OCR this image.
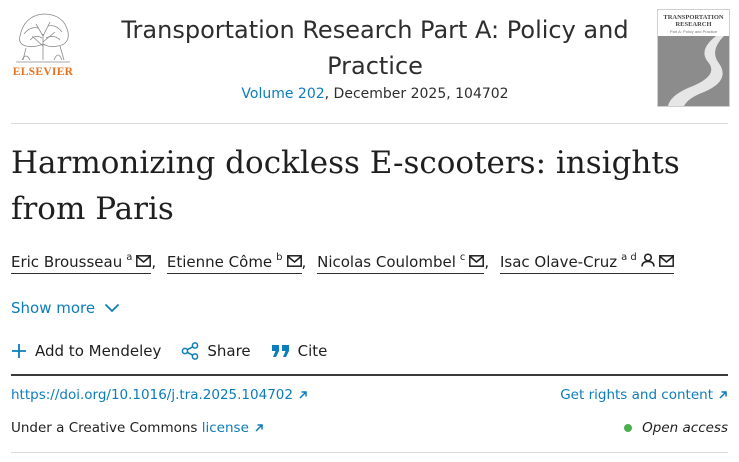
ELSEVIER
Transportation Research Part A: Policy and Practice
Volume 202, December 2025, 104702
TRANSPORTATION RESEARCH
Part A: Policy and Practice
Harmonizing dockless E-scooters: insights from Paris
Eric Brousseau $^a$ , Etienne Côme $^b$ , Nicolas Coulombel $^c$ , Isac Olave-Cruz $^{a d}$
Show more
Add to Mendeley	Share	Cite
https://doi.org/10.1016/j.tra.2025.104702	Get rights and content
Under a Creative Commons license	Open access
